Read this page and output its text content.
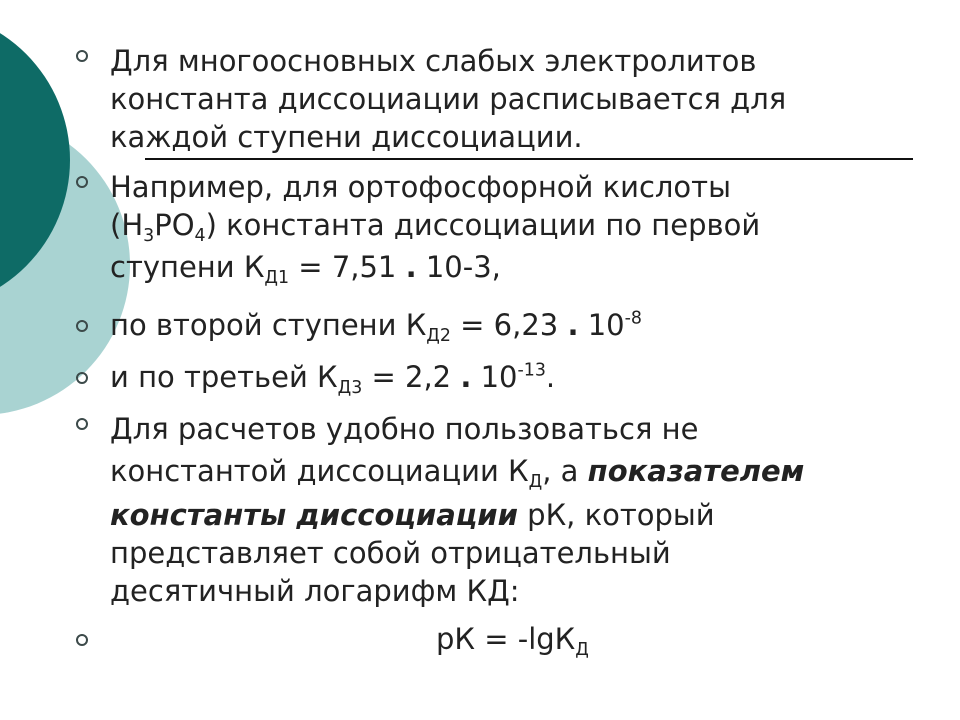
Для многоосновных слабых электролитов
константа диссоциации расписывается для
каждой ступени диссоциации.
Например, для ортофосфорной кислоты
$(H_3PO_4)$ константа диссоциации по первой
ступени $К_{Д1} = 7,51$ . 10-3,
по второй ступени $К_{Д2} = 6,23$ . $10^{-8}$
и по третьей $К_{Д3} = 2,2$ . $10^{-13}$.
Для расчетов удобно пользоваться не
константой диссоциации $К_Д$, а показателем
константы диссоциации рК, который
представляет собой отрицательный
десятичный логарифм КД:
рК = -lgК$_Д$
